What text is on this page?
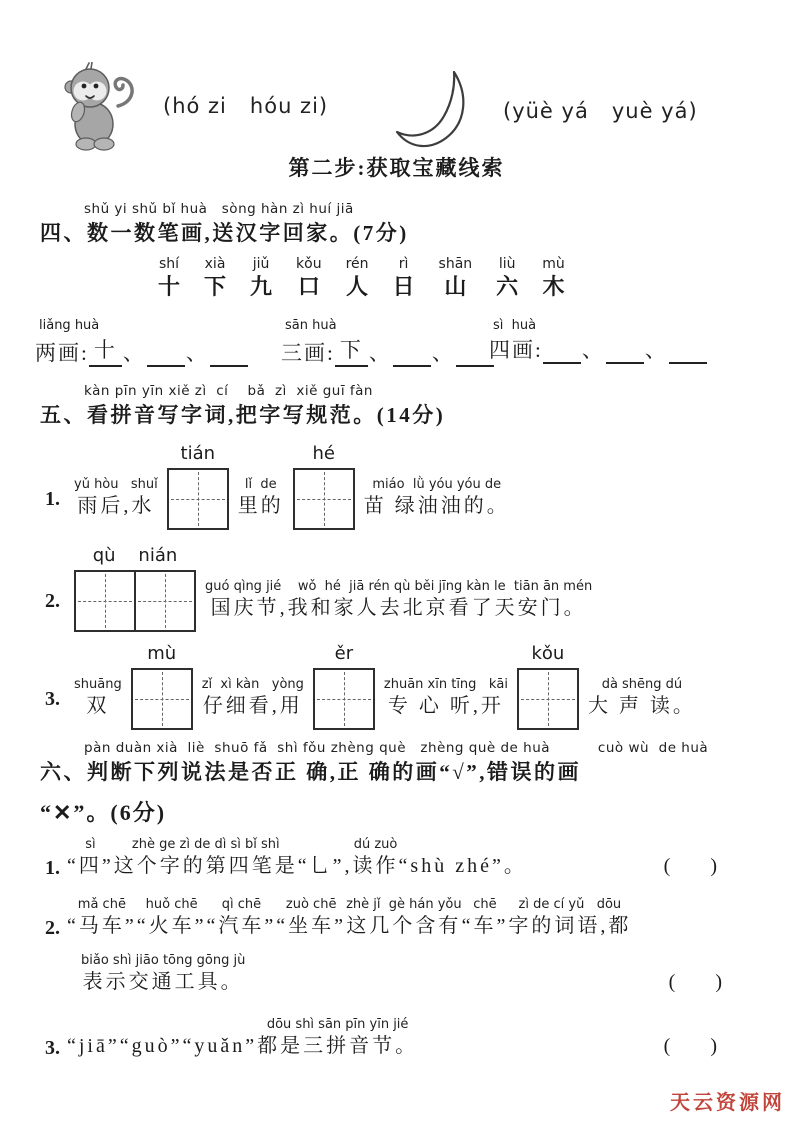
(hó zi   hóu zi)	(yüè yá   yuè yá)
第二步:获取宝藏线索
shǔ yi shǔ bǐ huà   sòng hàn zì huí jiā
四、数一数笔画,送汉字回家。(7分)
shí
十
xià
下
jiǔ
九
kǒu
口
rén
人
rì
日
shān
山
liù
六
mù
木
liǎng huà
两画: 十 、 、
sān huà
三画: 下 、 、
sì  huà
四画: 、 、
kàn pīn yīn xiě zì  cí    bǎ  zì  xiě guī fàn
五、看拼音写字词,把字写规范。(14分)
1.
yǔ hòu   shuǐ
雨后,水
tián
lǐ  de
里的
hé
miáo  lǜ yóu yóu de
苗 绿油油的。
2.
qù    nián
guó qìng jié    wǒ  hé  jiā rén qù běi jīng kàn le  tiān ān mén
国庆节,我和家人去北京看了天安门。
3.
shuāng
双
mù
zǐ  xì kàn   yòng
仔细看,用
ěr
zhuān xīn tīng   kāi
专 心 听,开
kǒu
dà shēng dú
大 声 读。
pàn duàn xià  liè  shuō fǎ  shì fǒu zhèng què   zhèng què de huà          cuò wù  de huà
六、判断下列说法是否正 确,正 确的画“√”,错误的画
“✕”。(6分)
1.
sì
“四”
zhè ge zì de dì sì bǐ shì
这个字的第四笔是 “乚”,
dú zuò
读作 “shù zhé”。	(        )
2.
mǎ chē
“马车”
huǒ chē
“火车”
qì chē
“汽车”
zuò chē
“坐车”
zhè jǐ  gè hán yǒu
这几个含有
chē
“车”
zì de cí yǔ   dōu
字的词语,都
biǎo shì jiāo tōng gōng jù
表示交通工具。	(        )
3. “jiā”“guò”“yuǎn”
dōu shì sān pīn yīn jié
都是三拼音节。	(        )
天云资源网
